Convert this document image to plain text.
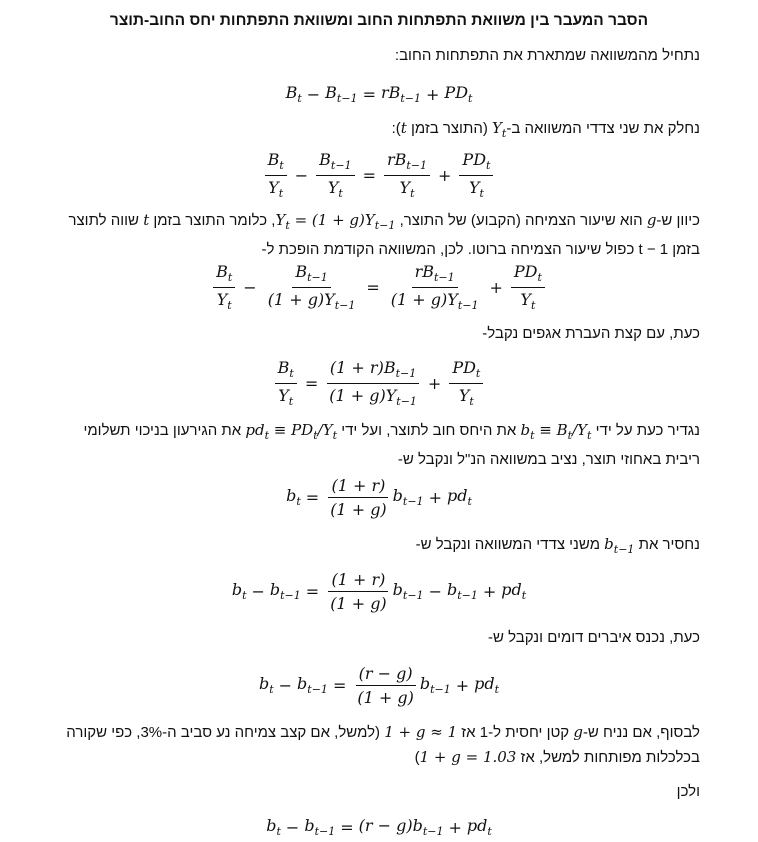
הסבר המעבר בין משוואת התפתחות החוב ומשוואת התפתחות יחס החוב-תוצר
נתחיל מהמשוואה שמתארת את התפתחות החוב:
$B_t - B_{t-1} = rB_{t-1} + PD_t$
נחלק את שני צדדי המשוואה $ב-Y_t$ (התוצר בזמן t):
$\frac{B_t}{Y_t} - \frac{B_{t-1}}{Y_t} = \frac{rB_{t-1}}{Y_t} + \frac{PD_t}{Y_t}$
כיוון ש-g הוא שיעור הצמיחה (הקבוע) של התוצר, $Y_t = (1 + g)Y_{t-1}$, כלומר התוצר בזמן t שווה לתוצר בזמן t − 1 כפול שיעור הצמיחה ברוטו. לכן, המשוואה הקודמת הופכת ל-
$\frac{B_t}{Y_t} - \frac{B_{t-1}}{(1 + g)Y_{t-1}} = \frac{rB_{t-1}}{(1 + g)Y_{t-1}} + \frac{PD_t}{Y_t}$
כעת, עם קצת העברת אגפים נקבל-
$\frac{B_t}{Y_t} = \frac{(1 + r)B_{t-1}}{(1 + g)Y_{t-1}} + \frac{PD_t}{Y_t}$
נגדיר כעת על ידי $b_t \equiv B_t/Y_t$ את היחס חוב לתוצר, ועל ידי $pd_t \equiv PD_t/Y_t$ את הגירעון בניכוי תשלומי ריבית באחוזי תוצר, נציב במשוואה הנ"ל ונקבל ש-
$b_t = \frac{(1 + r)}{(1 + g)} b_{t-1} + pd_t$
נחסיר את $b_{t-1}$ משני צדדי המשוואה ונקבל ש-
$b_t - b_{t-1} = \frac{(1 + r)}{(1 + g)} b_{t-1} - b_{t-1} + pd_t$
כעת, נכנס איברים דומים ונקבל ש-
$b_t - b_{t-1} = \frac{(r - g)}{(1 + g)} b_{t-1} + pd_t$
לבסוף, אם נניח ש-g קטן יחסית ל-1 אז 1 + g ≈ 1 (למשל, אם קצב צמיחה נע סביב ה-3%, כפי שקורה בכלכלות מפותחות למשל, אז 1 + g = 1.03)
ולכן
$b_t - b_{t-1} = (r - g)b_{t-1} + pd_t$
